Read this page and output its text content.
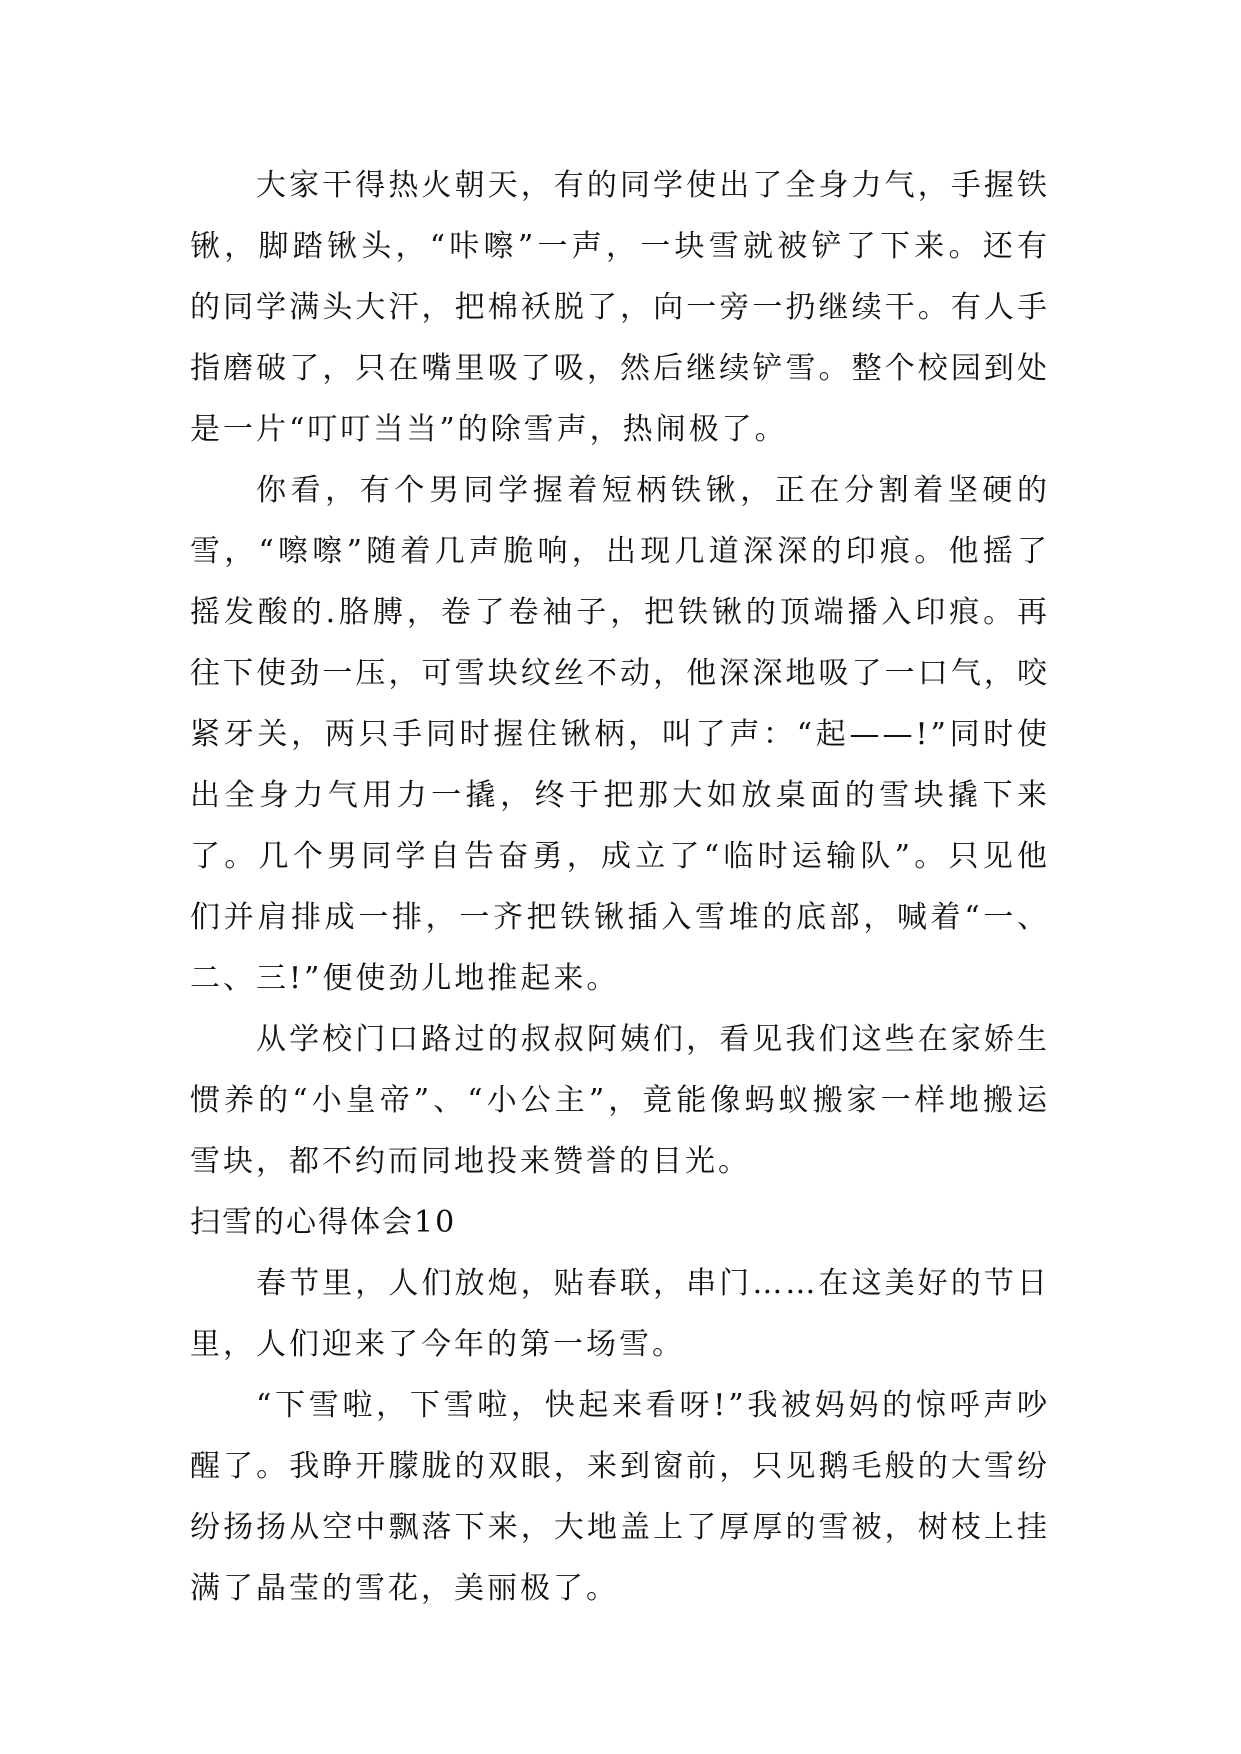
大家干得热火朝天，有的同学使出了全身力气，手握铁锹，脚踏锹头，“咔嚓”一声，一块雪就被铲了下来。还有的同学满头大汗，把棉袄脱了，向一旁一扔继续干。有人手指磨破了，只在嘴里吸了吸，然后继续铲雪。整个校园到处是一片“叮叮当当”的除雪声，热闹极了。

你看，有个男同学握着短柄铁锹，正在分割着坚硬的雪，“嚓嚓”随着几声脆响，出现几道深深的印痕。他摇了摇发酸的.胳膊，卷了卷袖子，把铁锹的顶端播入印痕。再往下使劲一压，可雪块纹丝不动，他深深地吸了一口气，咬紧牙关，两只手同时握住锹柄，叫了声：“起——!”同时使出全身力气用力一撬，终于把那大如放桌面的雪块撬下来了。几个男同学自告奋勇，成立了“临时运输队”。只见他们并肩排成一排，一齐把铁锹插入雪堆的底部，喊着“一、二、三!”便使劲儿地推起来。

从学校门口路过的叔叔阿姨们，看见我们这些在家娇生惯养的“小皇帝”、“小公主”，竟能像蚂蚁搬家一样地搬运雪块，都不约而同地投来赞誉的目光。

扫雪的心得体会10

春节里，人们放炮，贴春联，串门……在这美好的节日里，人们迎来了今年的第一场雪。

“下雪啦，下雪啦，快起来看呀!”我被妈妈的惊呼声吵醒了。我睁开朦胧的双眼，来到窗前，只见鹅毛般的大雪纷纷扬扬从空中飘落下来，大地盖上了厚厚的雪被，树枝上挂满了晶莹的雪花，美丽极了。
